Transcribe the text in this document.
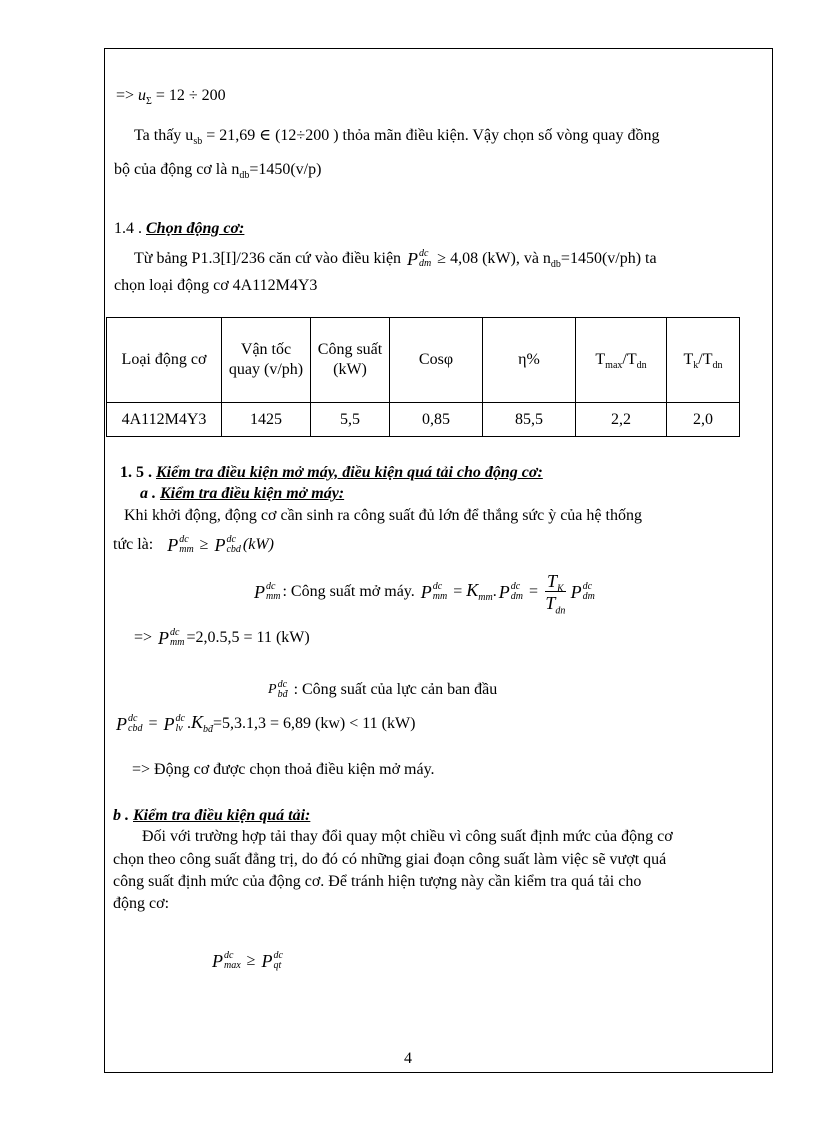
=> $u_\Sigma = 12 \div 200$
Ta thấy $u_{sb} = 21,69$ ∈ (12÷200 ) thỏa mãn điều kiện. Vậy chọn số vòng quay đồng
bộ của động cơ là $n_{db}=1450(v/p)$
1.4 . Chọn động cơ:
Từ bảng P1.3[I]/236 căn cứ vào điều kiện P dc
dm ≥ 4,08 (kW), và $n_{db}=1450(v/ph)$ ta
chọn loại động cơ 4A112M4Y3
Loại động cơ	Vận tốc quay (v/ph)	Công suất (kW)	Cosφ	η%	$T_{max}/T_{dn}$	$T_k/T_{dn}$
4A112M4Y3	1425	5,5	0,85	85,5	2,2	2,0
1. 5 . Kiểm tra điều kiện mở máy, điều kiện quá tải cho động cơ:
a . Kiểm tra điều kiện mở máy:
Khi khởi động, động cơ cần sinh ra công suất đủ lớn để thắng sức ỳ của hệ thống
tức là: P dc
mm ≥ P dc
cbd (kW)
P dc
mm : Công suất mở máy. P dc
mm = $K_{mm}$. P dc
dm = $\frac{T_K}{T_{dn}}$ P dc
dm
=> P dc
mm =2,0.5,5 = 11 (kW)
P dc
bđ : Công suất của lực cản ban đầu
P dc
cbd = P dc
lv $.K_{bđ}=5,3.1,3 = 6,89$ (kw) < 11 (kW)
=> Động cơ được chọn thoả điều kiện mở máy.
b . Kiểm tra điều kiện quá tải:
Đối với trường hợp tải thay đổi quay một chiều vì công suất định mức của động cơ
chọn theo công suất đẳng trị, do đó có những giai đoạn công suất làm việc sẽ vượt quá
công suất định mức của động cơ. Để tránh hiện tượng này cần kiểm tra quá tải cho
động cơ:
P dc
max ≥ P dc
qt
4
